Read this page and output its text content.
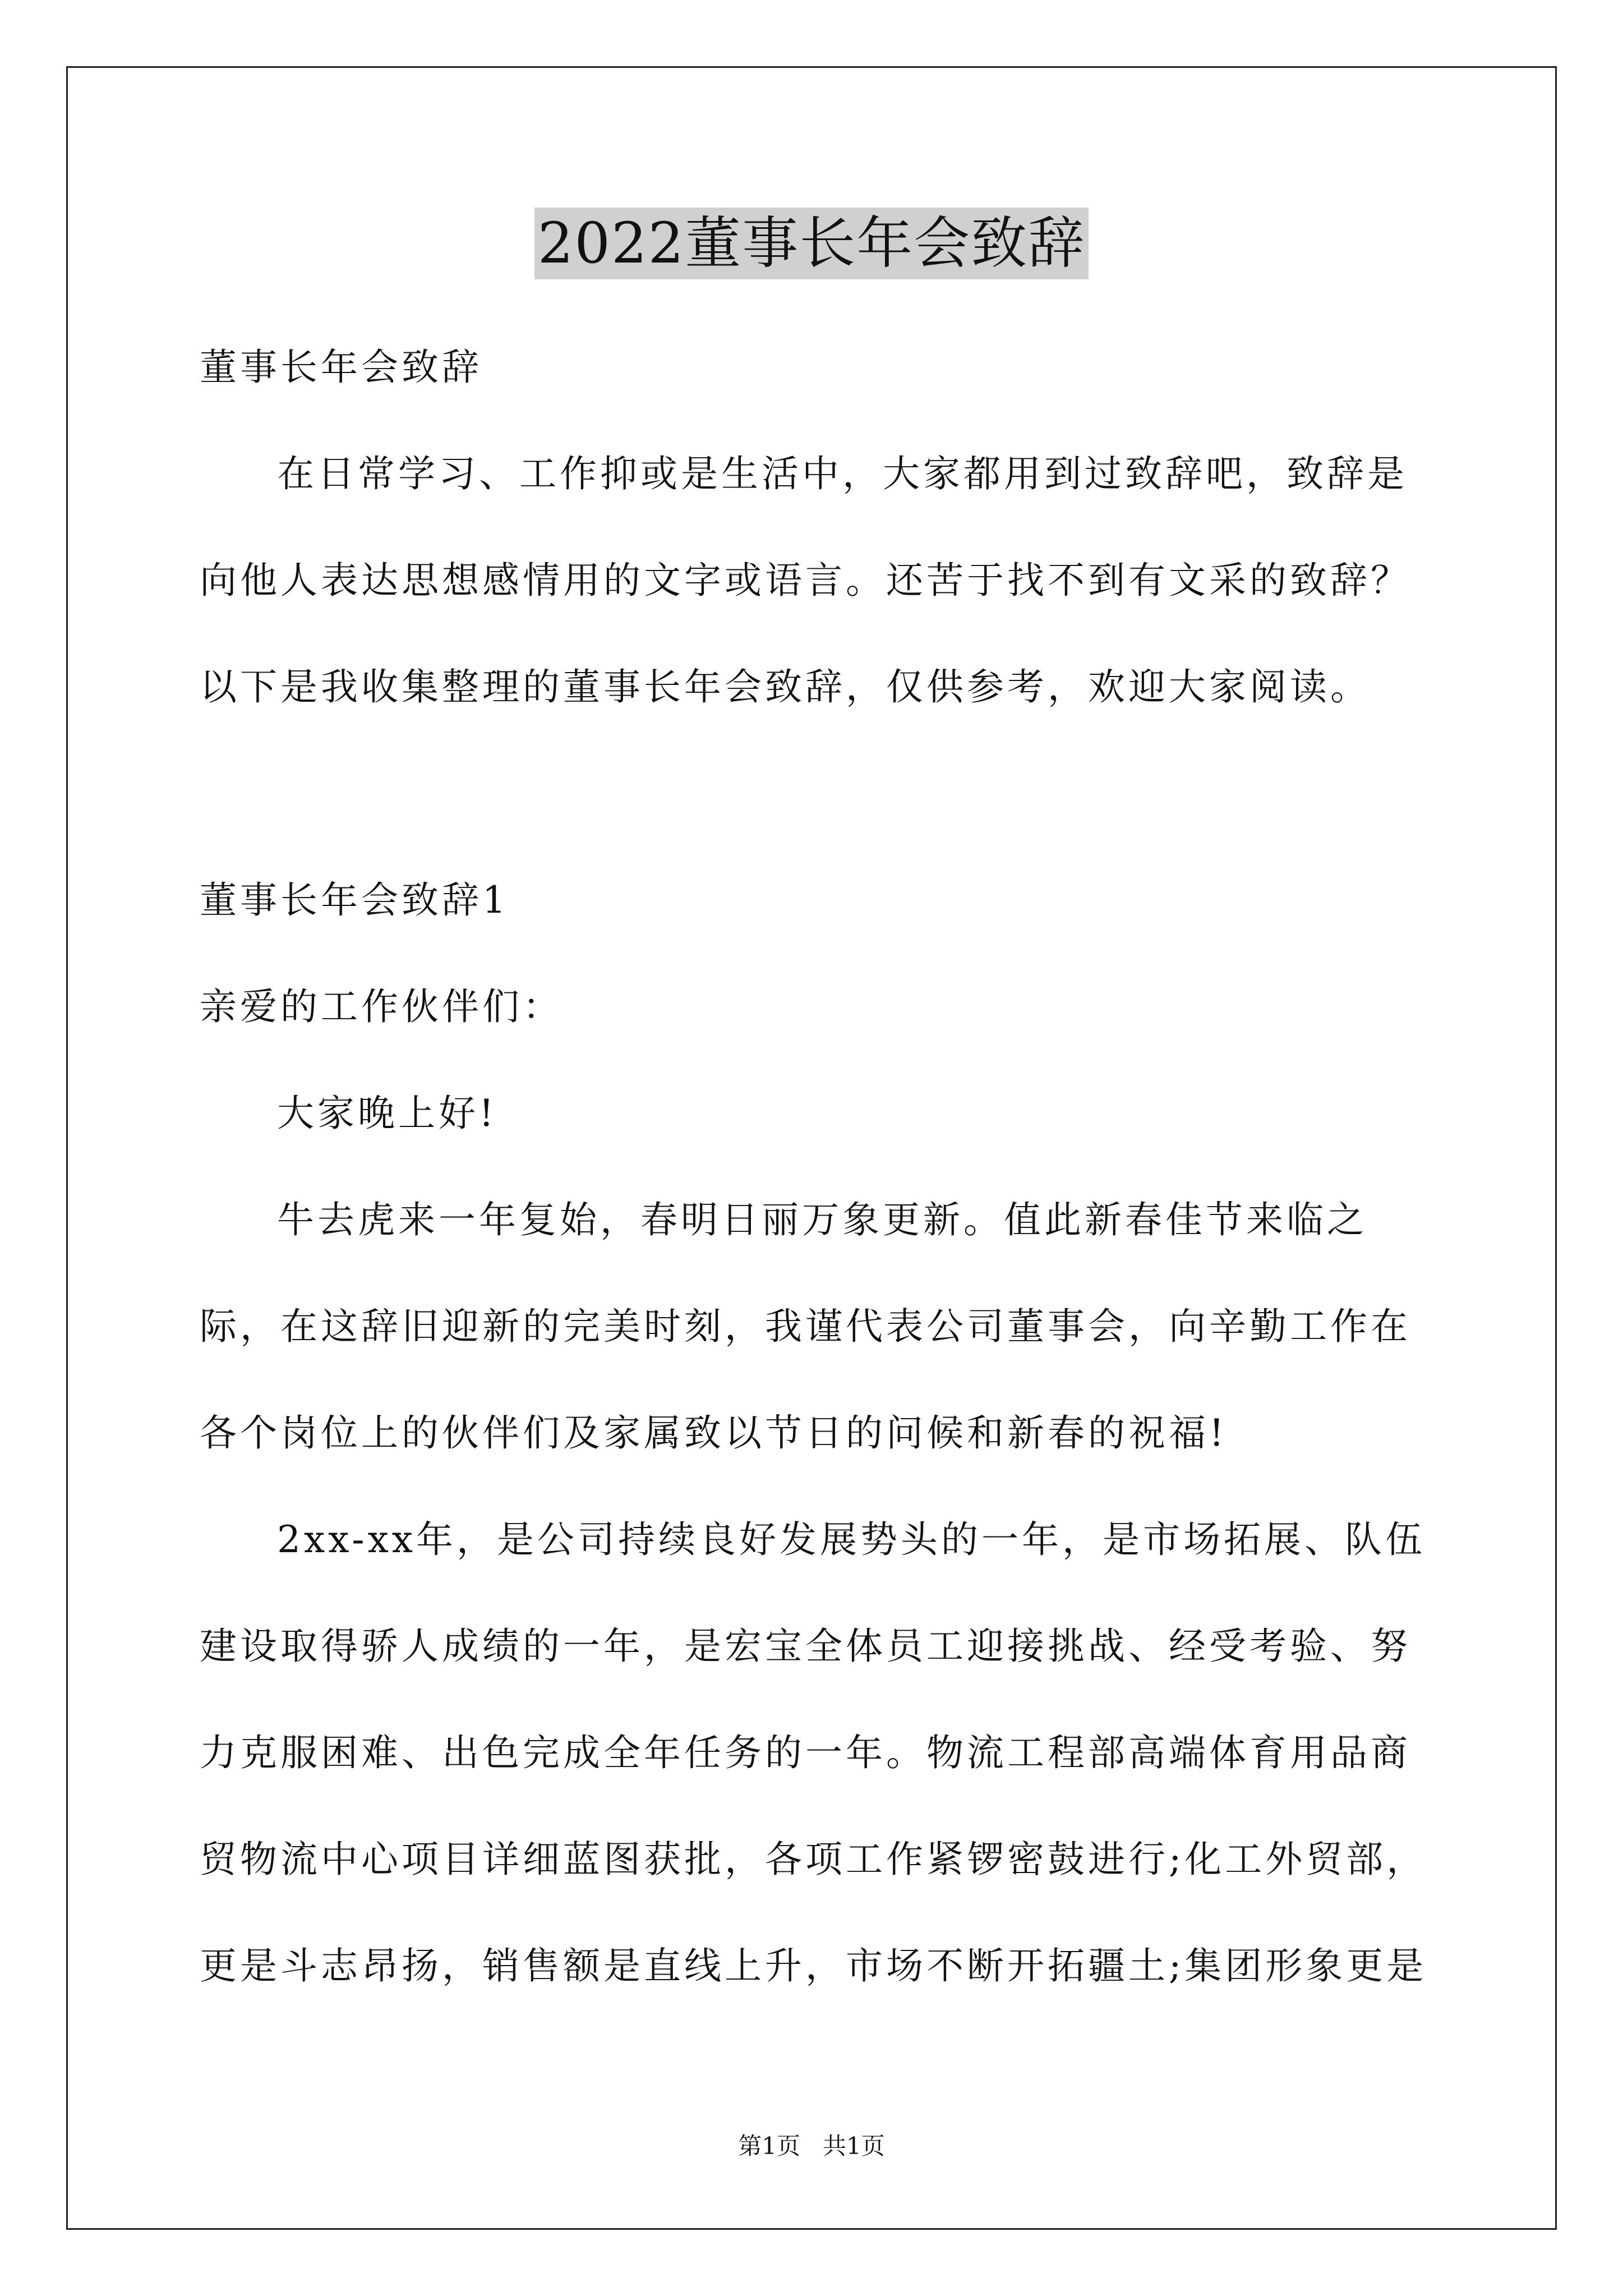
2022董事长年会致辞

董事长年会致辞

在日常学习、工作抑或是生活中，大家都用到过致辞吧，致辞是向他人表达思想感情用的文字或语言。还苦于找不到有文采的致辞？以下是我收集整理的董事长年会致辞，仅供参考，欢迎大家阅读。

董事长年会致辞1

亲爱的工作伙伴们：

大家晚上好!

牛去虎来一年复始，春明日丽万象更新。值此新春佳节来临之际，在这辞旧迎新的完美时刻，我谨代表公司董事会，向辛勤工作在各个岗位上的伙伴们及家属致以节日的问候和新春的祝福!

2xx-xx年，是公司持续良好发展势头的一年，是市场拓展、队伍建设取得骄人成绩的一年，是宏宝全体员工迎接挑战、经受考验、努力克服困难、出色完成全年任务的一年。物流工程部高端体育用品商贸物流中心项目详细蓝图获批，各项工作紧锣密鼓进行;化工外贸部，更是斗志昂扬，销售额是直线上升，市场不断开拓疆土;集团形象更是

第1页 共1页
